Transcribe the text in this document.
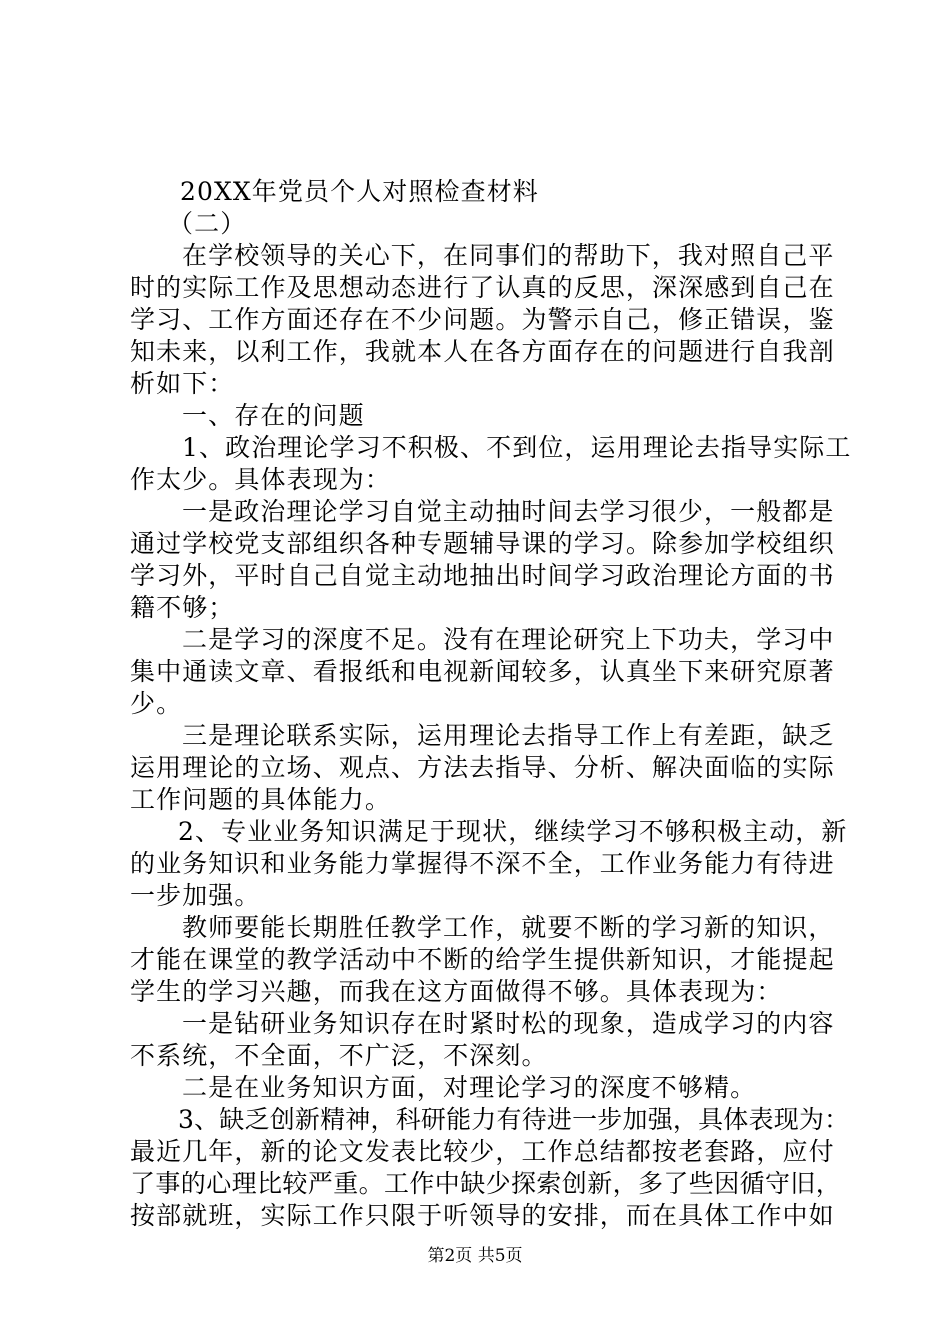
20XX年党员个人对照检查材料
（二）
在学校领导的关心下，在同事们的帮助下，我对照自己平
时的实际工作及思想动态进行了认真的反思，深深感到自己在
学习、工作方面还存在不少问题。为警示自己，修正错误，鉴
知未来，以利工作，我就本人在各方面存在的问题进行自我剖
析如下：
一、存在的问题
1、政治理论学习不积极、不到位，运用理论去指导实际工
作太少。具体表现为：
一是政治理论学习自觉主动抽时间去学习很少，一般都是
通过学校党支部组织各种专题辅导课的学习。除参加学校组织
学习外，平时自己自觉主动地抽出时间学习政治理论方面的书
籍不够；
二是学习的深度不足。没有在理论研究上下功夫，学习中
集中通读文章、看报纸和电视新闻较多，认真坐下来研究原著
少。
三是理论联系实际，运用理论去指导工作上有差距，缺乏
运用理论的立场、观点、方法去指导、分析、解决面临的实际
工作问题的具体能力。
2、专业业务知识满足于现状，继续学习不够积极主动，新
的业务知识和业务能力掌握得不深不全，工作业务能力有待进
一步加强。
教师要能长期胜任教学工作，就要不断的学习新的知识，
才能在课堂的教学活动中不断的给学生提供新知识，才能提起
学生的学习兴趣，而我在这方面做得不够。具体表现为：
一是钻研业务知识存在时紧时松的现象，造成学习的内容
不系统，不全面，不广泛，不深刻。
二是在业务知识方面，对理论学习的深度不够精。
3、缺乏创新精神，科研能力有待进一步加强，具体表现为：
最近几年，新的论文发表比较少，工作总结都按老套路，应付
了事的心理比较严重。工作中缺少探索创新，多了些因循守旧，
按部就班，实际工作只限于听领导的安排，而在具体工作中如
第2页 共5页
